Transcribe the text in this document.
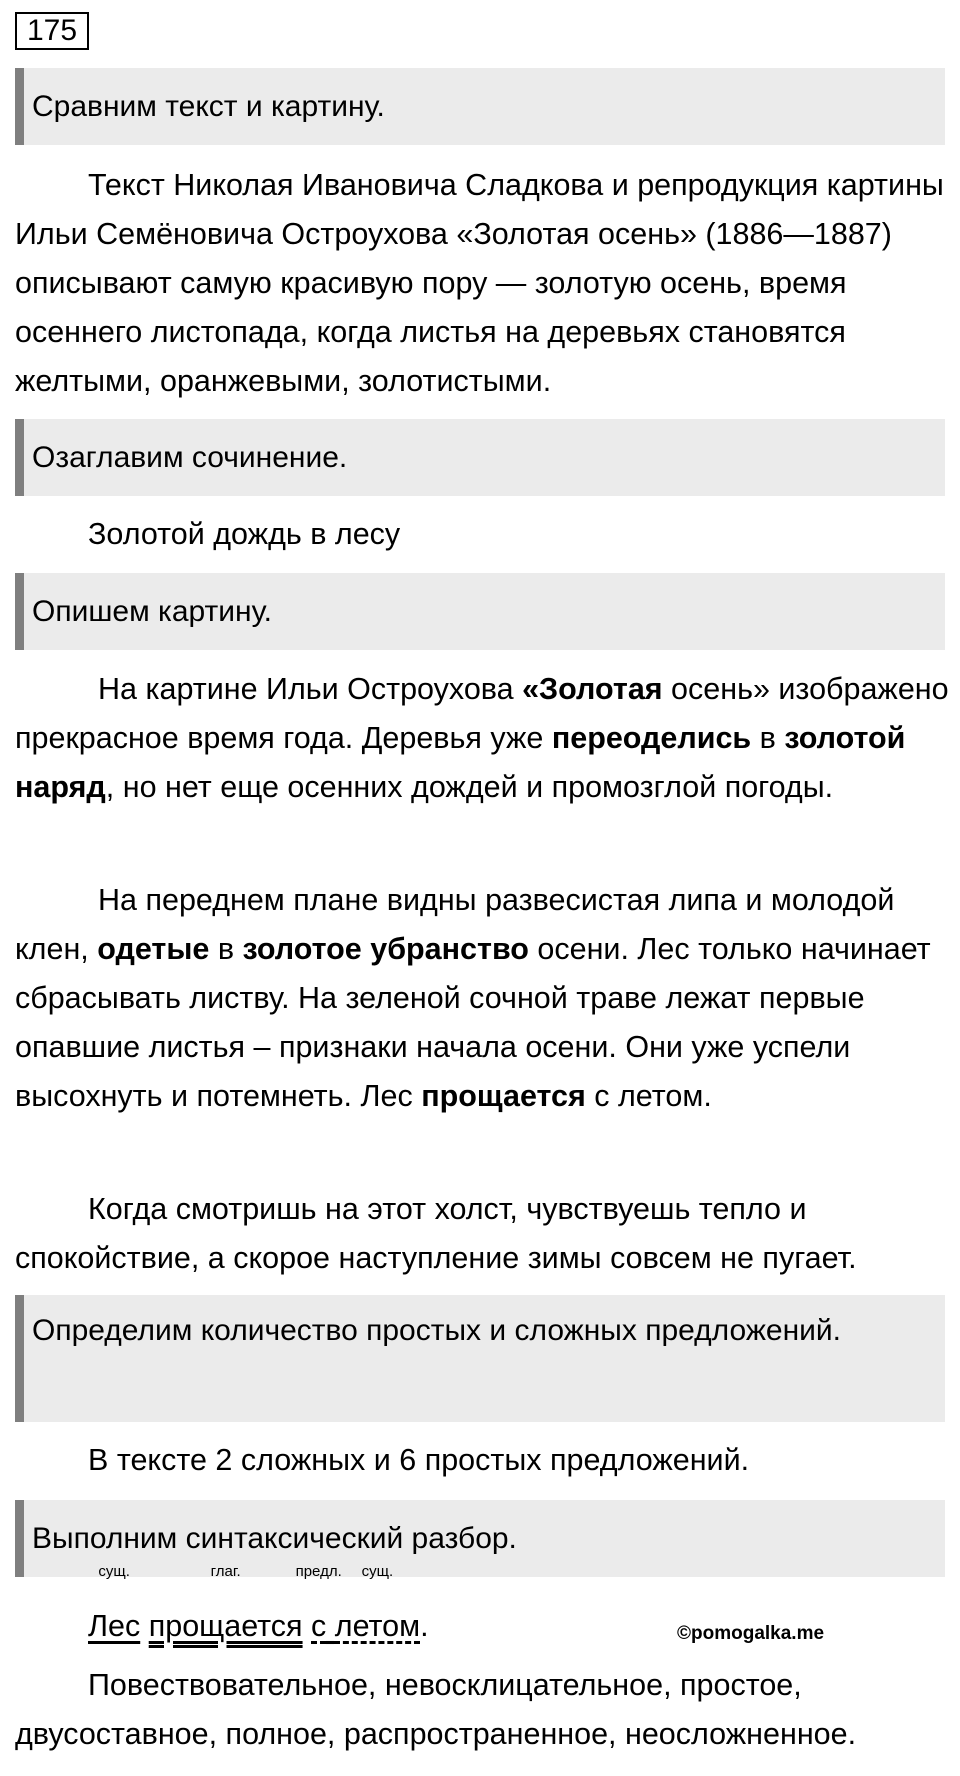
175
Сравним текст и картину.

Текст Николая Ивановича Сладкова и репродукция картины Ильи Семёновича Остроухова «Золотая осень» (1886—1887) описывают самую красивую пору — золотую осень, время осеннего листопада, когда листья на деревьях становятся желтыми, оранжевыми, золотистыми.

Озаглавим сочинение.

Золотой дождь в лесу

Опишем картину.

На картине Ильи Остроухова «Золотая осень» изображено прекрасное время года. Деревья уже переоделись в золотой наряд, но нет еще осенних дождей и промозглой погоды.

На переднем плане видны развесистая липа и молодой клен, одетые в золотое убранство осени. Лес только начинает сбрасывать листву. На зеленой сочной траве лежат первые опавшие листья – признаки начала осени. Они уже успели высохнуть и потемнеть. Лес прощается с летом.

Когда смотришь на этот холст, чувствуешь тепло и спокойствие, а скорое наступление зимы совсем не пугает.

Определим количество простых и сложных предложений.

В тексте 2 сложных и 6 простых предложений.

Выполним синтаксический разбор.
сущ.
Лес
глаг.
прощается
предл.
с
сущ.
летом.	©pomogalka.me

Повествовательное, невосклицательное, простое, двусоставное, полное, распространенное, неосложненное.
